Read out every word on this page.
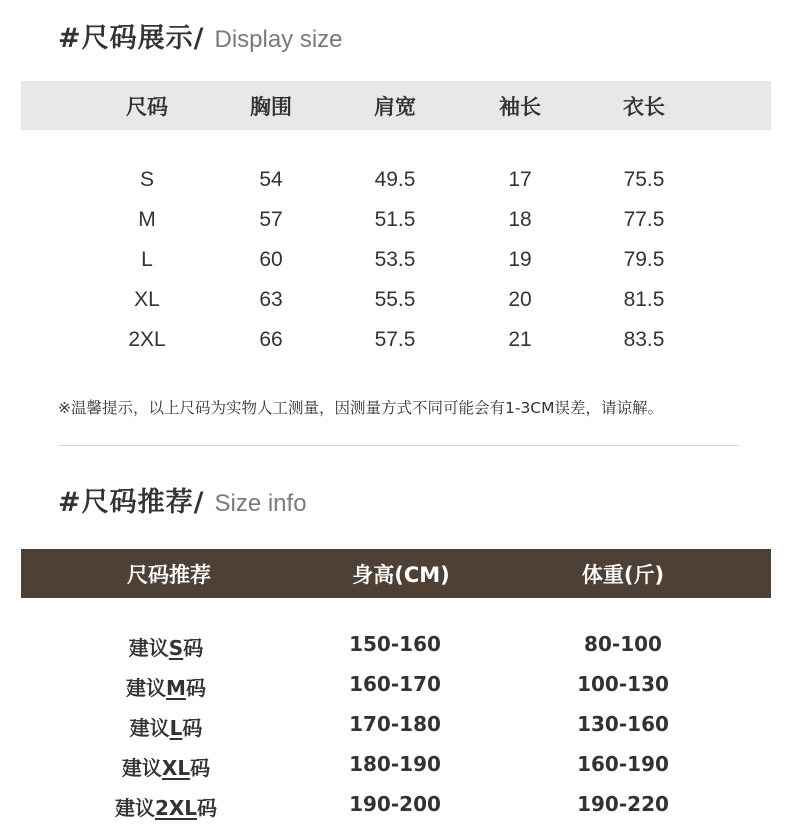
#尺码展示/ Display size
尺码	胸围	肩宽	袖长	衣长
S	54	49.5	17	75.5
M	57	51.5	18	77.5
L	60	53.5	19	79.5
XL	63	55.5	20	81.5
2XL	66	57.5	21	83.5
※温馨提示，以上尺码为实物人工测量，因测量方式不同可能会有1-3CM误差，请谅解。
#尺码推荐/ Size info
尺码推荐	身高(CM)	体重(斤)
建议S码	150-160	80-100
建议M码	160-170	100-130
建议L码	170-180	130-160
建议XL码	180-190	160-190
建议2XL码	190-200	190-220
